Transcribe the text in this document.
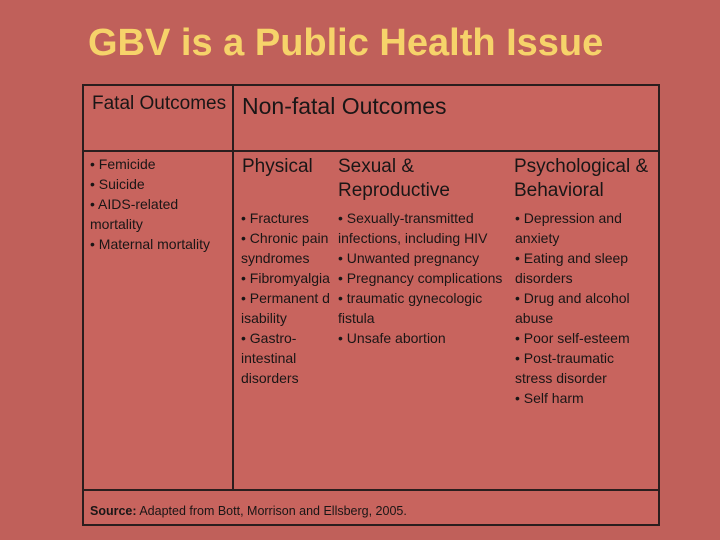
GBV is a Public Health Issue
Fatal Outcomes Non-fatal Outcomes
• Femicide
• Suicide
• AIDS-related mortality
• Maternal mortality
Physical Sexual & Reproductive
Psychological & Behavioral
• Fractures
• Chronic pain syndromes
• Fibromyalgia
• Permanent disability
• Gastro-intestinal disorders
• Sexually-transmitted infections, including HIV
• Unwanted pregnancy
• Pregnancy complications
• traumatic gynecologic fistula
• Unsafe abortion
• Depression and anxiety
• Eating and sleep disorders
• Drug and alcohol abuse
• Poor self-esteem
• Post-traumatic stress disorder
• Self harm
Source: Adapted from Bott, Morrison and Ellsberg, 2005.
